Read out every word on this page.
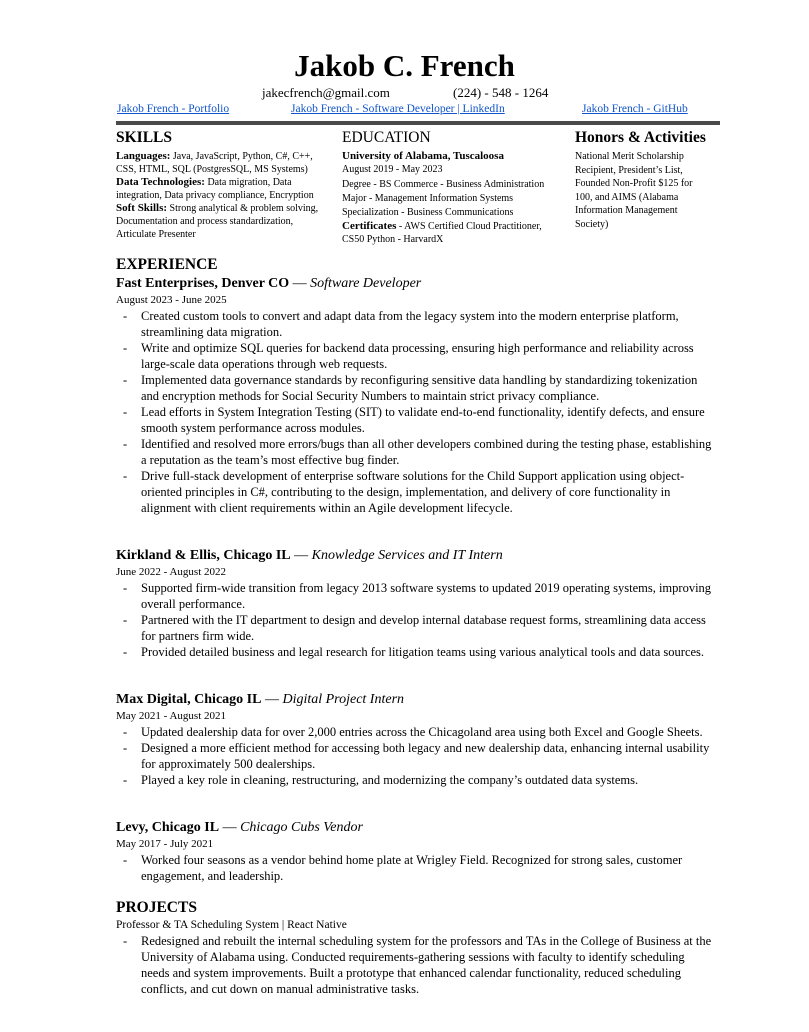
Jakob C. French
jakecfrench@gmail.com	(224) - 548 - 1264
Jakob French - Portfolio	Jakob French - Software Developer | LinkedIn	Jakob French - GitHub
SKILLS
Languages: Java, JavaScript, Python, C#, C++,
CSS, HTML, SQL (PostgresSQL, MS Systems)
Data Technologies: Data migration, Data
integration, Data privacy compliance, Encryption
Soft Skills: Strong analytical & problem solving,
Documentation and process standardization,
Articulate Presenter
EDUCATION
University of Alabama, Tuscaloosa
August 2019 - May 2023
Degree - BS Commerce - Business Administration
Major - Management Information Systems
Specialization - Business Communications
Certificates - AWS Certified Cloud Practitioner,
CS50 Python - HarvardX
Honors & Activities
National Merit Scholarship
Recipient, President’s List,
Founded Non-Profit $125 for
100, and AIMS (Alabama
Information Management
Society)
EXPERIENCE
Fast Enterprises, Denver CO — Software Developer
August 2023 - June 2025
- Created custom tools to convert and adapt data from the legacy system into the modern enterprise platform, streamlining data migration.
- Write and optimize SQL queries for backend data processing, ensuring high performance and reliability across large-scale data operations through web requests.
- Implemented data governance standards by reconfiguring sensitive data handling by standardizing tokenization and encryption methods for Social Security Numbers to maintain strict privacy compliance.
- Lead efforts in System Integration Testing (SIT) to validate end-to-end functionality, identify defects, and ensure smooth system performance across modules.
- Identified and resolved more errors/bugs than all other developers combined during the testing phase, establishing a reputation as the team’s most effective bug finder.
- Drive full-stack development of enterprise software solutions for the Child Support application using object-oriented principles in C#, contributing to the design, implementation, and delivery of core functionality in alignment with client requirements within an Agile development lifecycle.
Kirkland & Ellis, Chicago IL — Knowledge Services and IT Intern
June 2022 - August 2022
- Supported firm-wide transition from legacy 2013 software systems to updated 2019 operating systems, improving overall performance.
- Partnered with the IT department to design and develop internal database request forms, streamlining data access for partners firm wide.
- Provided detailed business and legal research for litigation teams using various analytical tools and data sources.
Max Digital, Chicago IL — Digital Project Intern
May 2021 - August 2021
- Updated dealership data for over 2,000 entries across the Chicagoland area using both Excel and Google Sheets.
- Designed a more efficient method for accessing both legacy and new dealership data, enhancing internal usability for approximately 500 dealerships.
- Played a key role in cleaning, restructuring, and modernizing the company’s outdated data systems.
Levy, Chicago IL — Chicago Cubs Vendor
May 2017 - July 2021
- Worked four seasons as a vendor behind home plate at Wrigley Field. Recognized for strong sales, customer engagement, and leadership.
PROJECTS
Professor & TA Scheduling System | React Native
- Redesigned and rebuilt the internal scheduling system for the professors and TAs in the College of Business at the University of Alabama using. Conducted requirements-gathering sessions with faculty to identify scheduling needs and system improvements. Built a prototype that enhanced calendar functionality, reduced scheduling conflicts, and cut down on manual administrative tasks.
